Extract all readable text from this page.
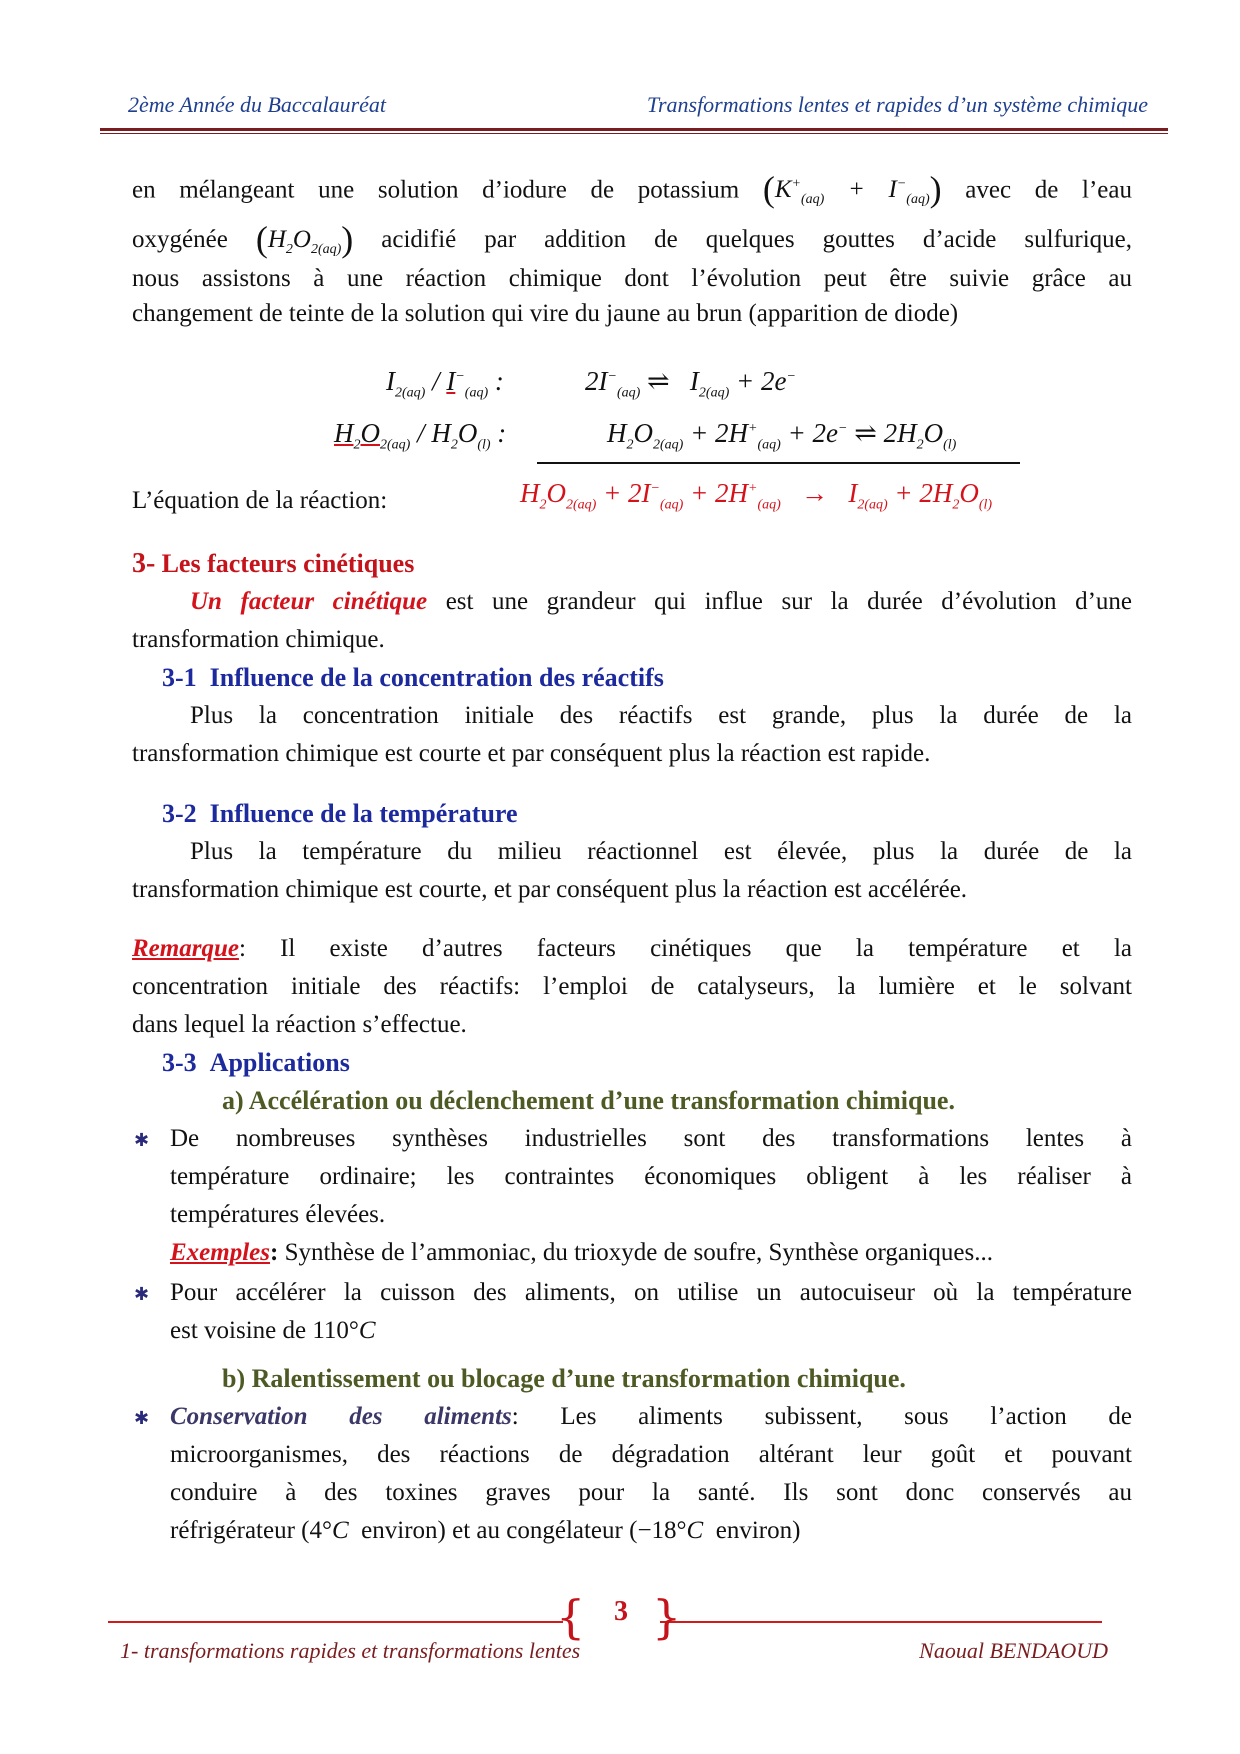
2ème Année du Baccalauréat	Transformations lentes et rapides d’un système chimique
en mélangeant une solution d’iodure de potassium $(K^+_{(aq)} + I^-_{(aq)})$ avec de l’eau
oxygénée $(H_2O_{2(aq)})$ acidifié par addition de quelques gouttes d’acide sulfurique,
nous assistons à une réaction chimique dont l’évolution peut être suivie grâce au
changement de teinte de la solution qui vire du jaune au brun (apparition de diode)
$I_{2(aq)} / I^-_{(aq)}$ :	$2I^-_{(aq)}$ ⇌   $I_{2(aq)} + 2e^-$
$H_2O_{2(aq)} / H_2O_{(l)}$ :	$H_2O_{2(aq)} + 2H^+_{(aq)} + 2e^-$ ⇌ $2H_2O_{(l)}$
L’équation de la réaction:	$H_2O_{2(aq)} + 2I^-_{(aq)} + 2H^+_{(aq)} \to I_{2(aq)} + 2H_2O_{(l)}$
3- Les facteurs cinétiques
Un facteur cinétique est une grandeur qui influe sur la durée d’évolution d’une
transformation chimique.
3-1 Influence de la concentration des réactifs
Plus la concentration initiale des réactifs est grande, plus la durée de la
transformation chimique est courte et par conséquent plus la réaction est rapide.
3-2 Influence de la température
Plus la température du milieu réactionnel est élevée, plus la durée de la
transformation chimique est courte, et par conséquent plus la réaction est accélérée.
Remarque: Il existe d’autres facteurs cinétiques que la température et la
concentration initiale des réactifs: l’emploi de catalyseurs, la lumière et le solvant
dans lequel la réaction s’effectue.
3-3 Applications
a) Accélération ou déclenchement d’une transformation chimique.
✱ De nombreuses synthèses industrielles sont des transformations lentes à
température ordinaire; les contraintes économiques obligent à les réaliser à
températures élevées.
Exemples: Synthèse de l’ammoniac, du trioxyde de soufre, Synthèse organiques...
✱ Pour accélérer la cuisson des aliments, on utilise un autocuiseur où la température
est voisine de 110°C
b) Ralentissement ou blocage d’une transformation chimique.
✱ Conservation des aliments: Les aliments subissent, sous l’action de
microorganismes, des réactions de dégradation altérant leur goût et pouvant
conduire à des toxines graves pour la santé. Ils sont donc conservés au
réfrigérateur (4°C environ) et au congélateur (−18°C environ)
{ }
3
1- transformations rapides et transformations lentes	Naoual BENDAOUD
